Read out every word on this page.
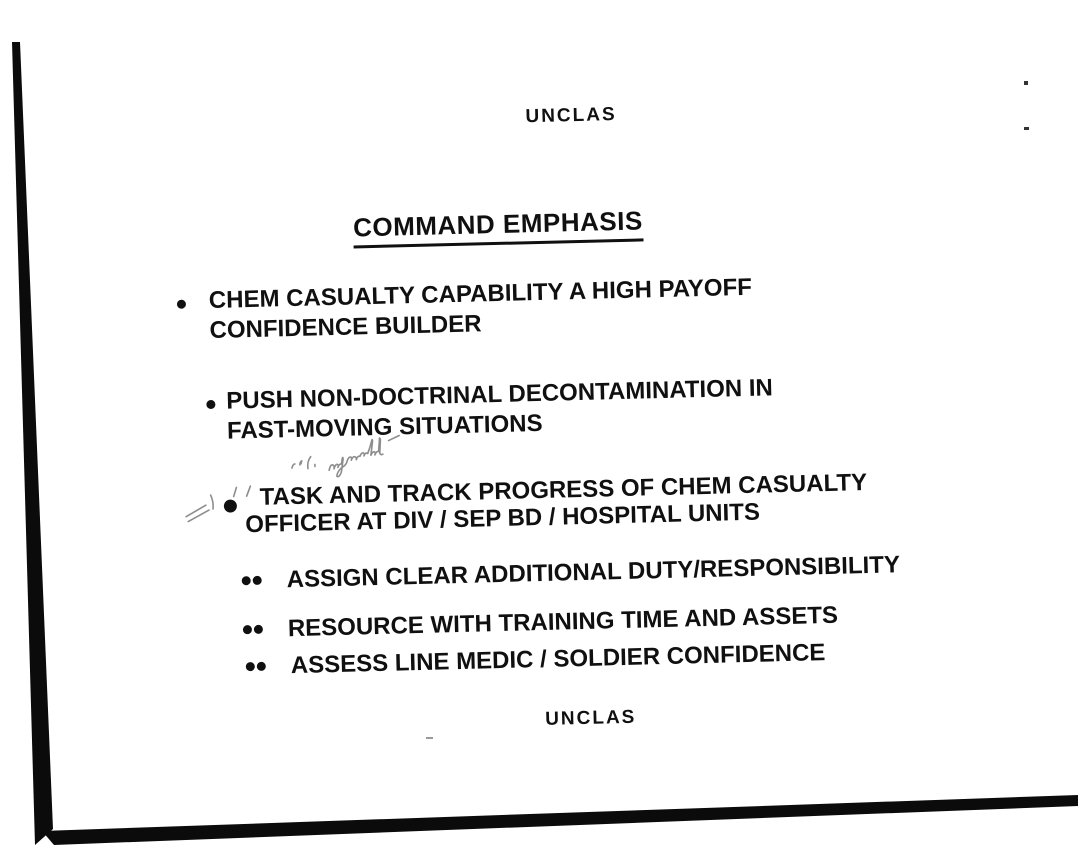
UNCLAS
COMMAND EMPHASIS
CHEM CASUALTY CAPABILITY A HIGH PAYOFF
CONFIDENCE BUILDER
PUSH NON-DOCTRINAL DECONTAMINATION IN
FAST-MOVING SITUATIONS
TASK AND TRACK PROGRESS OF CHEM CASUALTY
OFFICER AT DIV / SEP BD / HOSPITAL UNITS
ASSIGN CLEAR ADDITIONAL DUTY/RESPONSIBILITY
RESOURCE WITH TRAINING TIME AND ASSETS
ASSESS LINE MEDIC / SOLDIER CONFIDENCE
UNCLAS
